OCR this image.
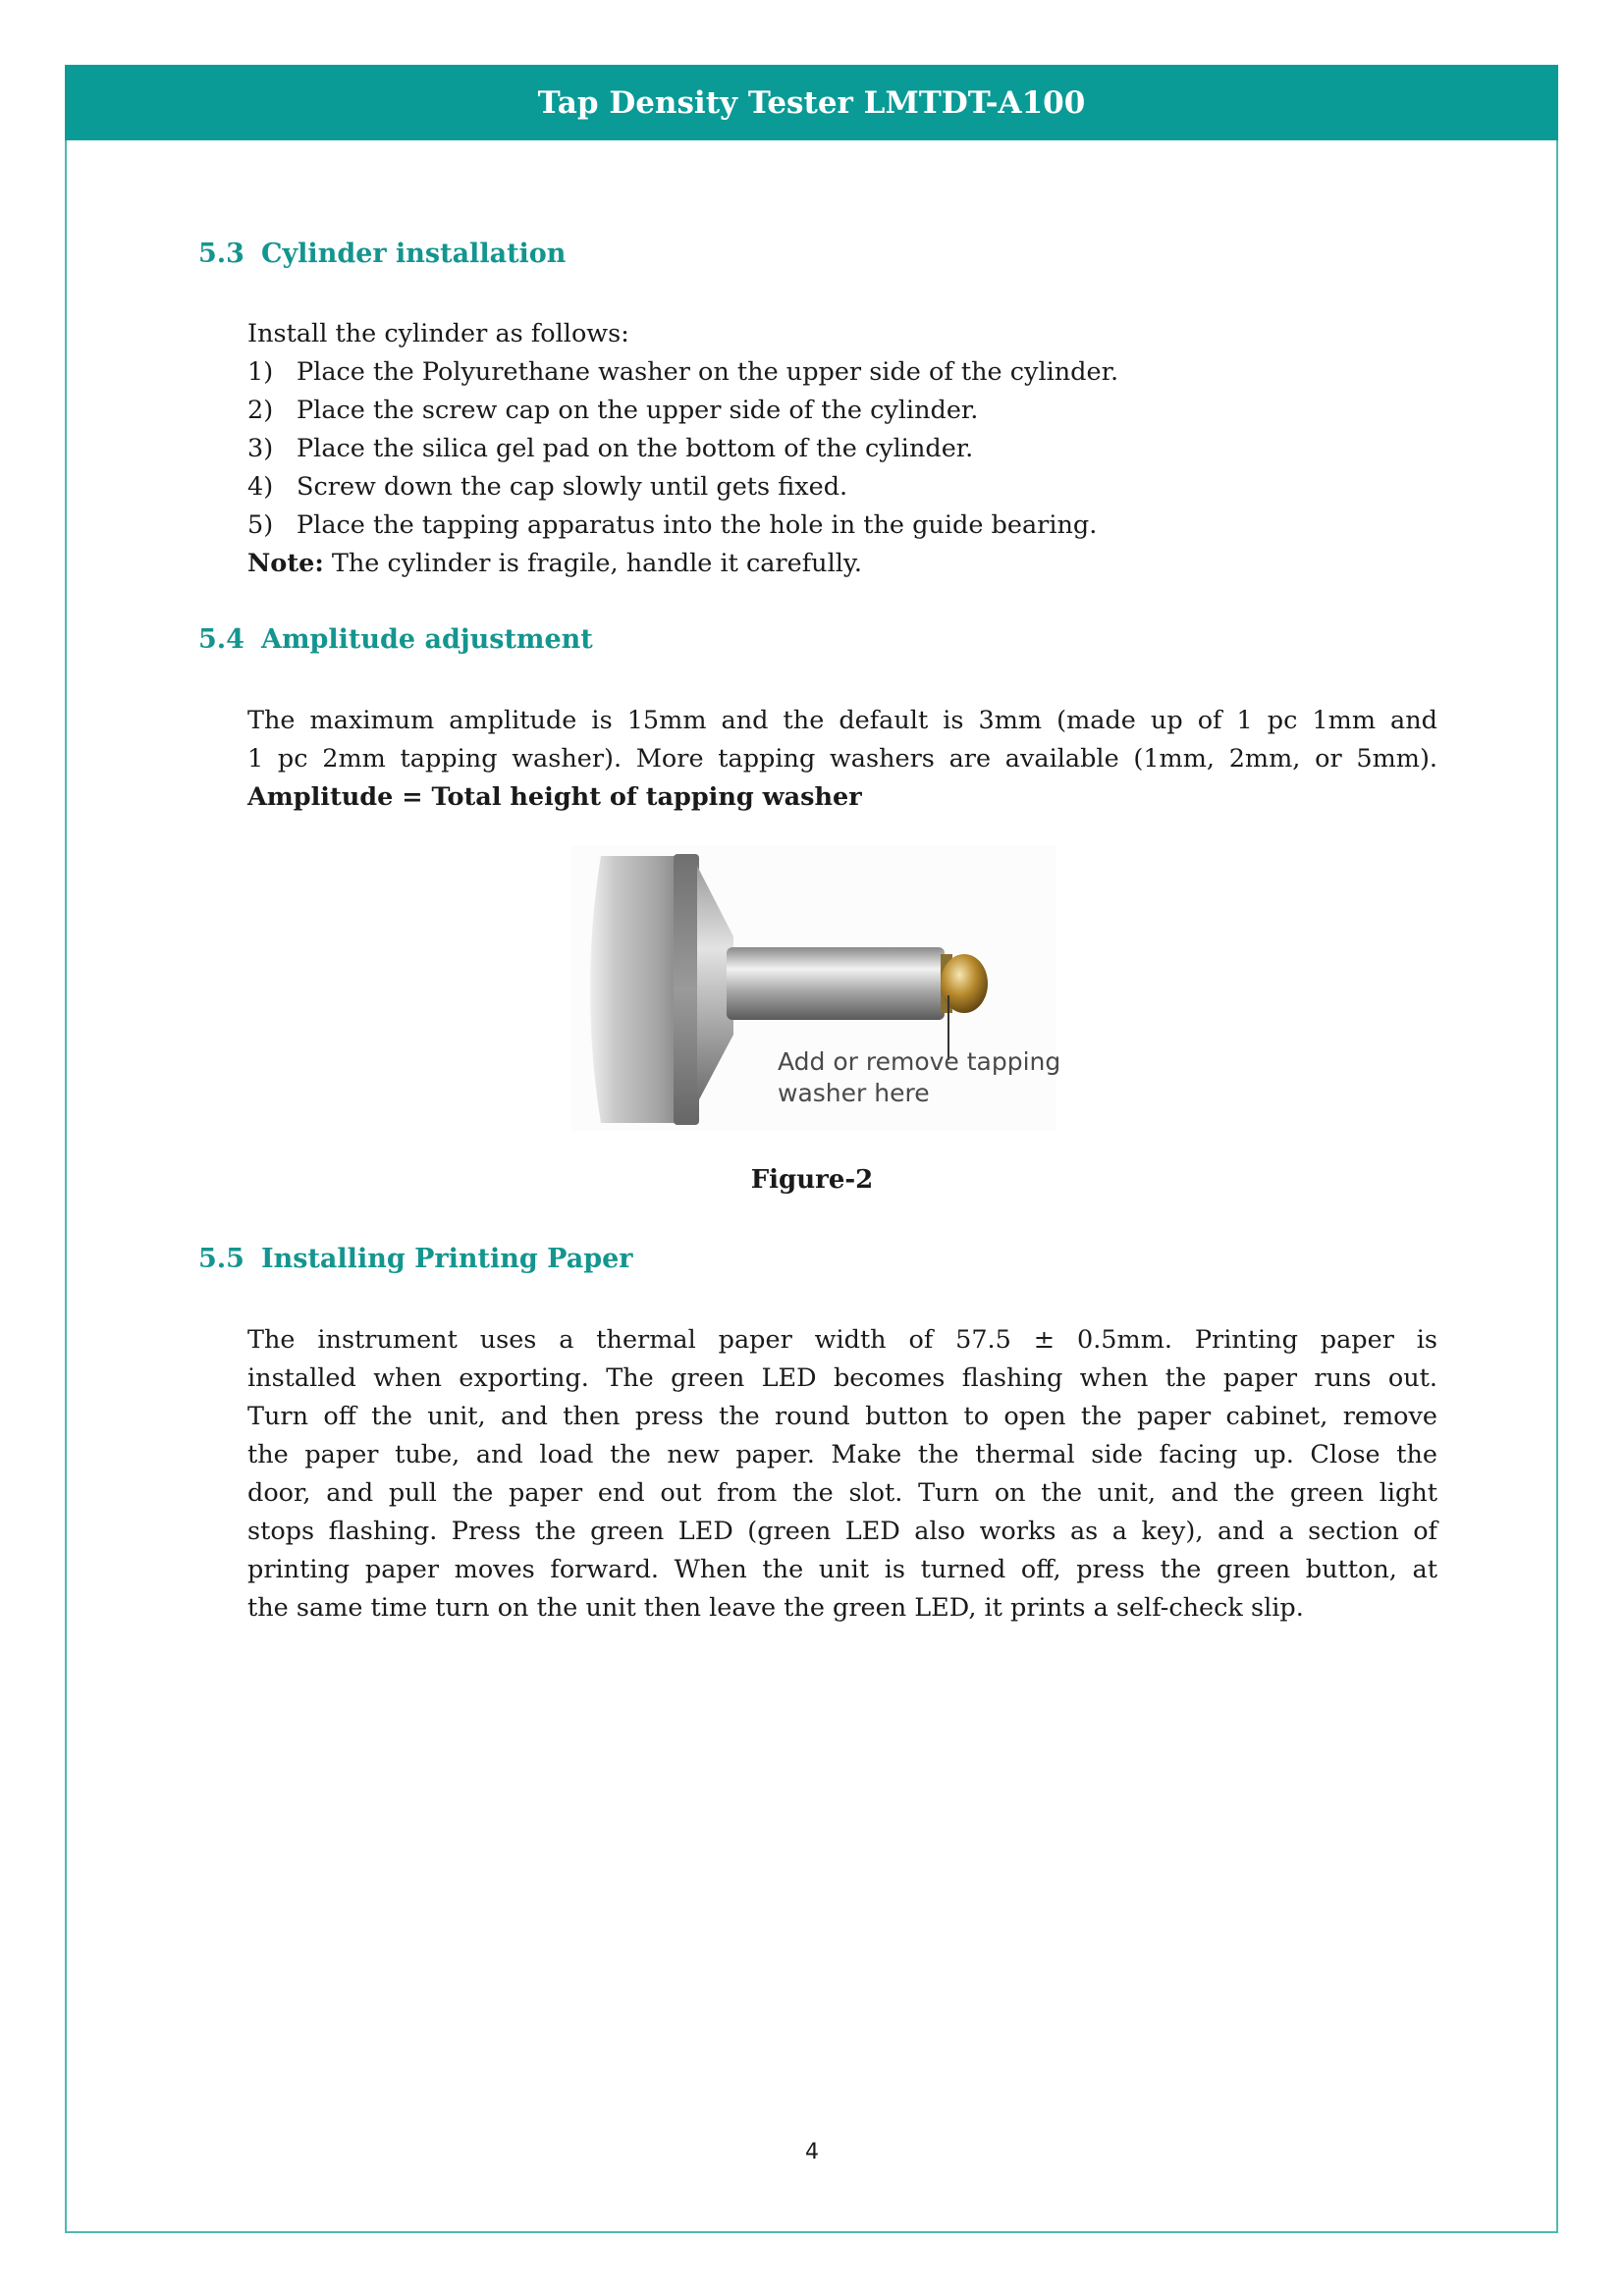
Tap Density Tester LMTDT-A100
5.3 Cylinder installation
Install the cylinder as follows:
1) Place the Polyurethane washer on the upper side of the cylinder.
2) Place the screw cap on the upper side of the cylinder.
3) Place the silica gel pad on the bottom of the cylinder.
4) Screw down the cap slowly until gets fixed.
5) Place the tapping apparatus into the hole in the guide bearing.
Note: The cylinder is fragile, handle it carefully.
5.4 Amplitude adjustment
The maximum amplitude is 15mm and the default is 3mm (made up of 1 pc 1mm and
1 pc 2mm tapping washer). More tapping washers are available (1mm, 2mm, or 5mm).
Amplitude = Total height of tapping washer
Add or remove tapping
washer here
Figure-2
5.5 Installing Printing Paper
The instrument uses a thermal paper width of 57.5 ± 0.5mm. Printing paper is
installed when exporting. The green LED becomes flashing when the paper runs out.
Turn off the unit, and then press the round button to open the paper cabinet, remove
the paper tube, and load the new paper. Make the thermal side facing up. Close the
door, and pull the paper end out from the slot. Turn on the unit, and the green light
stops flashing. Press the green LED (green LED also works as a key), and a section of
printing paper moves forward. When the unit is turned off, press the green button, at
the same time turn on the unit then leave the green LED, it prints a self-check slip.
4
